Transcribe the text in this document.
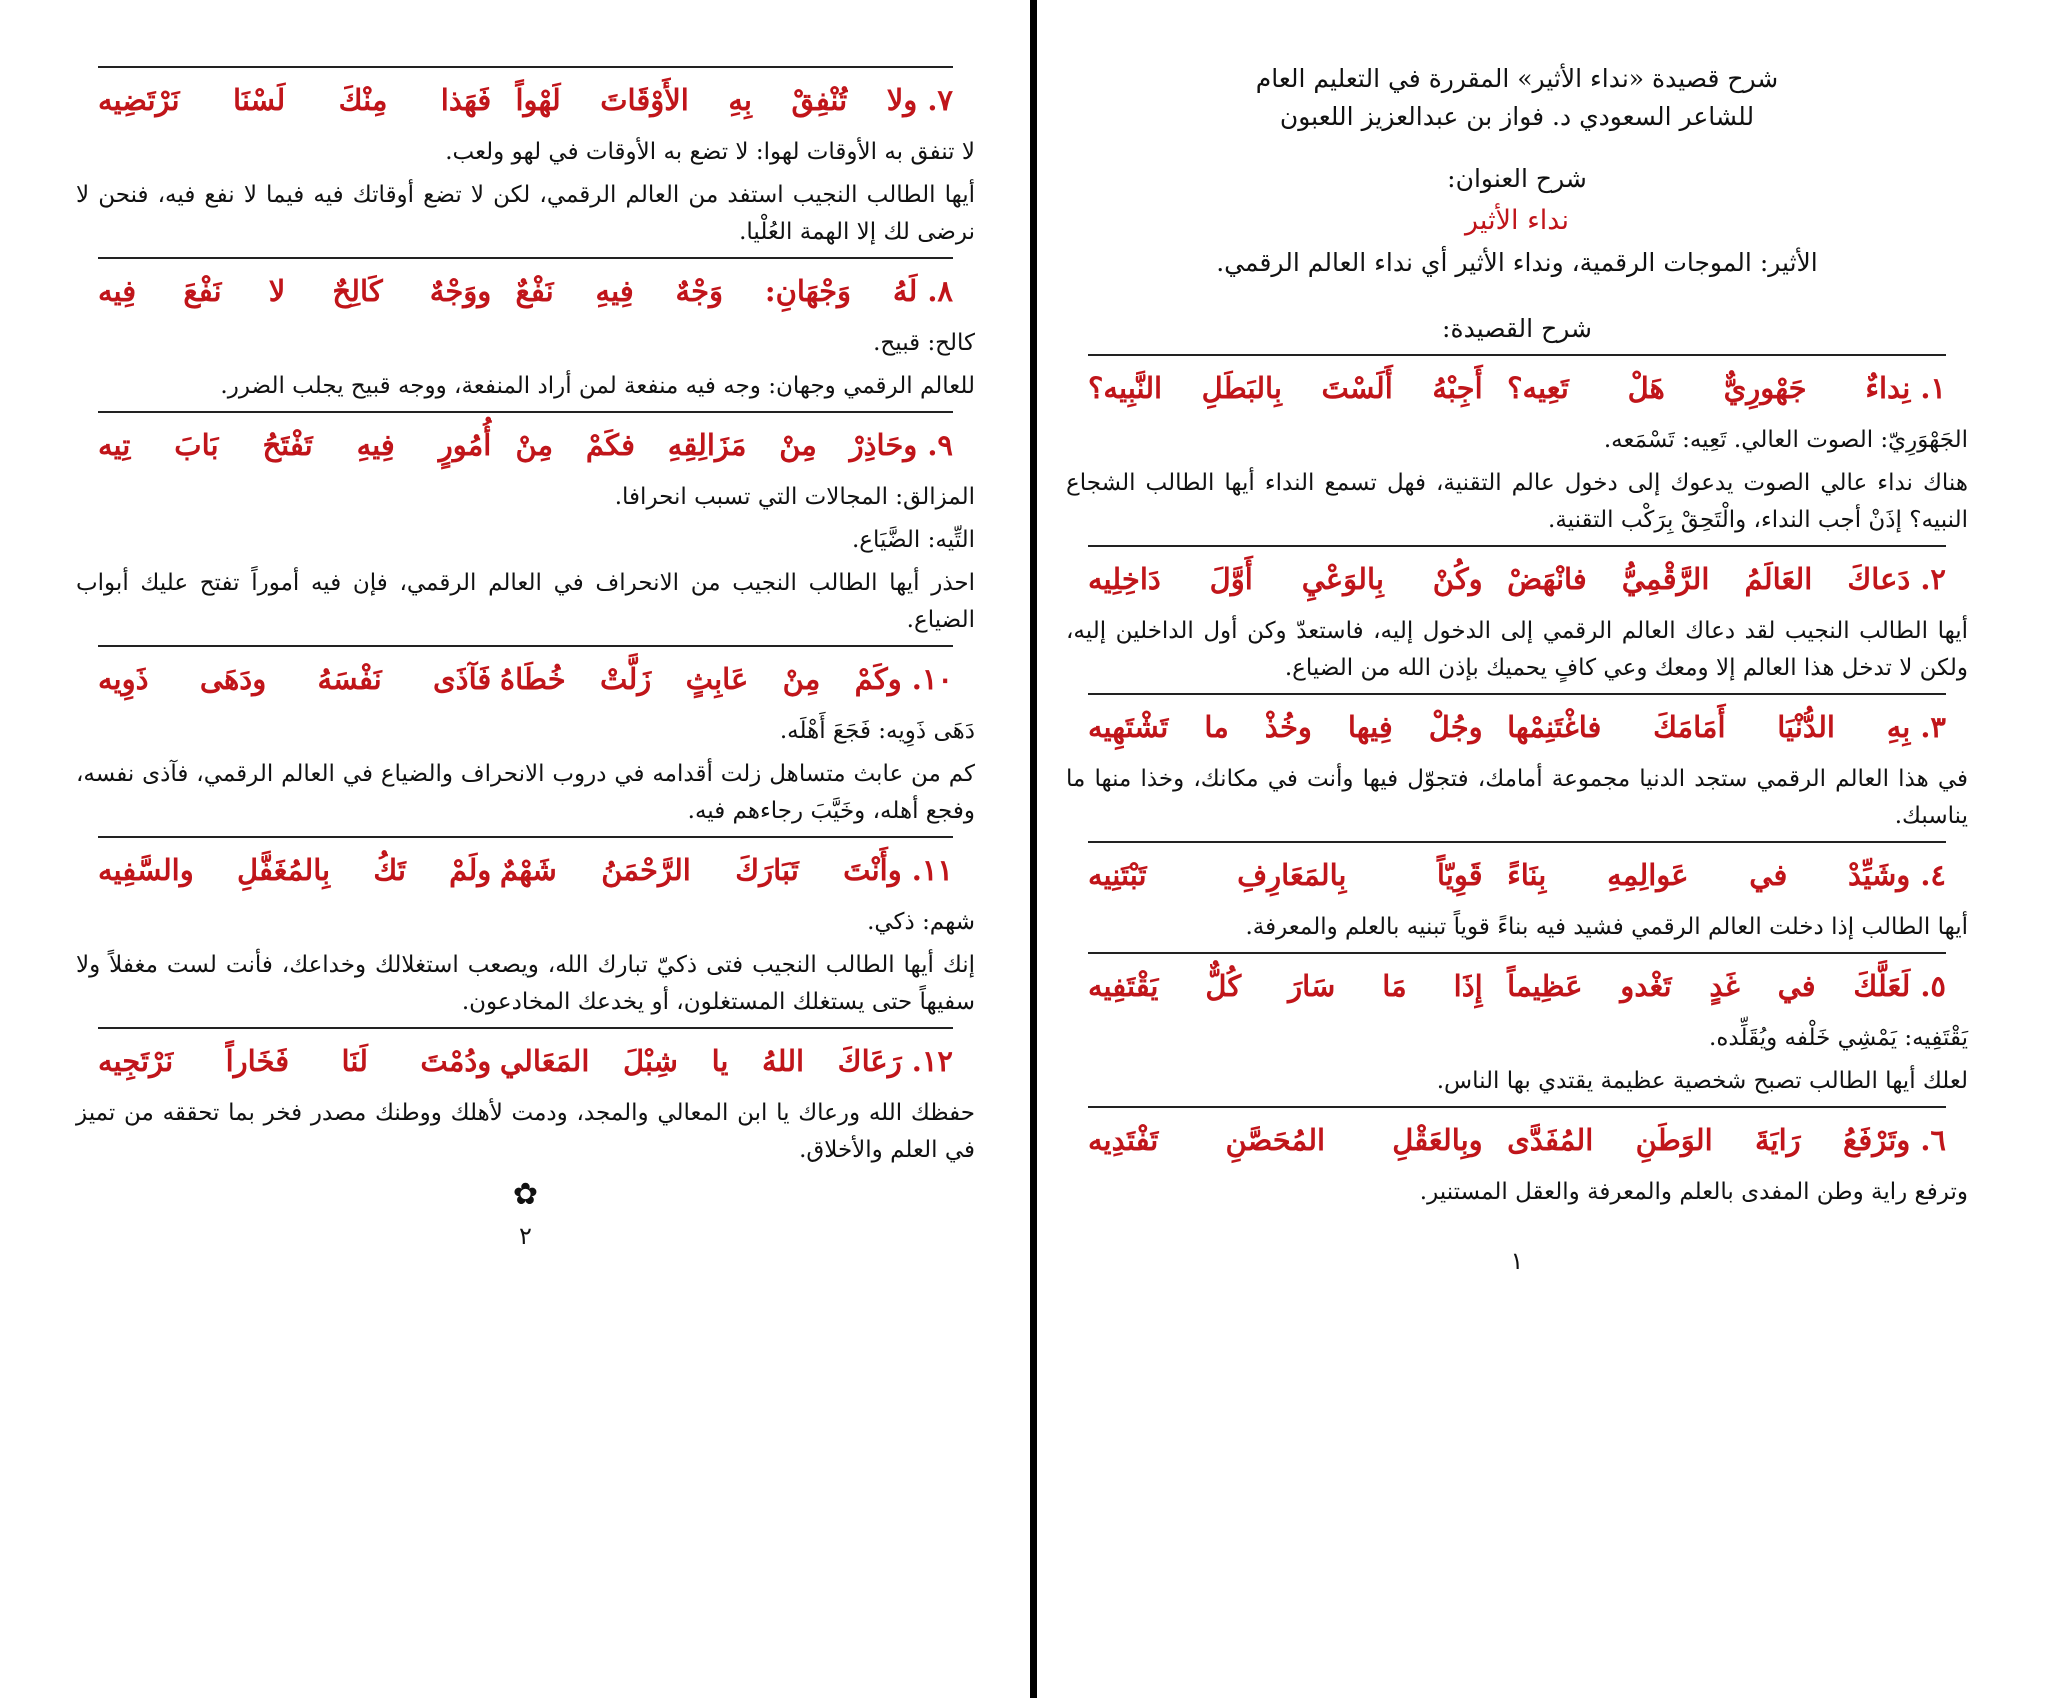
شرح قصيدة «نداء الأثير» المقررة في التعليم العام
للشاعر السعودي د. فواز بن عبدالعزيز اللعبون
شرح العنوان:
نداء الأثير
الأثير: الموجات الرقمية، ونداء الأثير أي نداء العالم الرقمي.
شرح القصيدة:
١.
نِداءٌ جَهْورِيٌّ هَلْ تَعِيه؟
أَجِبْهُ أَلَسْتَ بِالبَطَلِ النَّبِيه؟
الجَهْوَرِيّ: الصوت العالي. تَعِيه: تَسْمَعه.
هناك نداء عالي الصوت يدعوك إلى دخول عالم التقنية، فهل تسمع النداء أيها الطالب الشجاع النبيه؟ إذَنْ أجب النداء، والْتَحِقْ بِرَكْب التقنية.
٢.
دَعاكَ العَالَمُ الرَّقْمِيُّ فانْهَضْ
وكُنْ بِالوَعْيِ أَوَّلَ دَاخِلِيه
أيها الطالب النجيب لقد دعاك العالم الرقمي إلى الدخول إليه، فاستعدّ وكن أول الداخلين إليه، ولكن لا تدخل هذا العالم إلا ومعك وعي كافٍ يحميك بإذن الله من الضياع.
٣.
بِهِ الدُّنْيَا أَمَامَكَ فاغْتَنِمْها
وجُلْ فِيها وخُذْ ما تَشْتَهِيه
في هذا العالم الرقمي ستجد الدنيا مجموعة أمامك، فتجوّل فيها وأنت في مكانك، وخذا منها ما يناسبك.
٤.
وشَيِّدْ في عَوالِمِهِ بِنَاءً
قَوِيّاً بِالمَعَارِفِ تَبْتَنِيه
أيها الطالب إذا دخلت العالم الرقمي فشيد فيه بناءً قوياً تبنيه بالعلم والمعرفة.
٥.
لَعَلَّكَ في غَدٍ تَغْدو عَظِيماً
إِذَا مَا سَارَ كُلٌّ يَقْتَفِيه
يَقْتَفِيه: يَمْشِي خَلْفه ويُقَلِّده.
لعلك أيها الطالب تصبح شخصية عظيمة يقتدي بها الناس.
٦.
وتَرْفَعُ رَايَةَ الوَطَنِ المُفَدَّى
وبِالعَقْلِ المُحَصَّنِ تَفْتَدِيه
وترفع راية وطن المفدى بالعلم والمعرفة والعقل المستنير.
١
٧.
ولا تُنْفِقْ بِهِ الأَوْقَاتَ لَهْواً
فَهَذا مِنْكَ لَسْنَا نَرْتَضِيه
لا تنفق به الأوقات لهوا: لا تضع به الأوقات في لهو ولعب.
أيها الطالب النجيب استفد من العالم الرقمي، لكن لا تضع أوقاتك فيه فيما لا نفع فيه، فنحن لا نرضى لك إلا الهمة العُلْيا.
٨.
لَهُ وَجْهَانِ: وَجْهٌ فِيهِ نَفْعٌ
ووَجْهٌ كَالِحٌ لا نَفْعَ فِيه
كالح: قبيح.
للعالم الرقمي وجهان: وجه فيه منفعة لمن أراد المنفعة، ووجه قبيح يجلب الضرر.
٩.
وحَاذِرْ مِنْ مَزَالِقِهِ فكَمْ مِنْ
أُمُورٍ فِيهِ تَفْتَحُ بَابَ تِيه
المزالق: المجالات التي تسبب انحرافا.
التِّيه: الضَّيَاع.
احذر أيها الطالب النجيب من الانحراف في العالم الرقمي، فإن فيه أموراً تفتح عليك أبواب الضياع.
١٠.
وكَمْ مِنْ عَابِثٍ زَلَّتْ خُطَاهُ
فَآذَى نَفْسَهُ ودَهَى ذَوِيه
دَهَى ذَوِيه: فَجَعَ أَهْلَه.
كم من عابث متساهل زلت أقدامه في دروب الانحراف والضياع في العالم الرقمي، فآذى نفسه، وفجع أهله، وخَيَّبَ رجاءهم فيه.
١١.
وأَنْتَ تَبَارَكَ الرَّحْمَنُ شَهْمٌ
ولَمْ تَكُ بِالمُغَفَّلِ والسَّفِيه
شهم: ذكي.
إنك أيها الطالب النجيب فتى ذكيّ تبارك الله، ويصعب استغلالك وخداعك، فأنت لست مغفلاً ولا سفيهاً حتى يستغلك المستغلون، أو يخدعك المخادعون.
١٢.
رَعَاكَ اللهُ يا شِبْلَ المَعَالي
ودُمْتَ لَنَا فَخَاراً نَرْتَجِيه
حفظك الله ورعاك يا ابن المعالي والمجد، ودمت لأهلك ووطنك مصدر فخر بما تحققه من تميز في العلم والأخلاق.
✿
٢
